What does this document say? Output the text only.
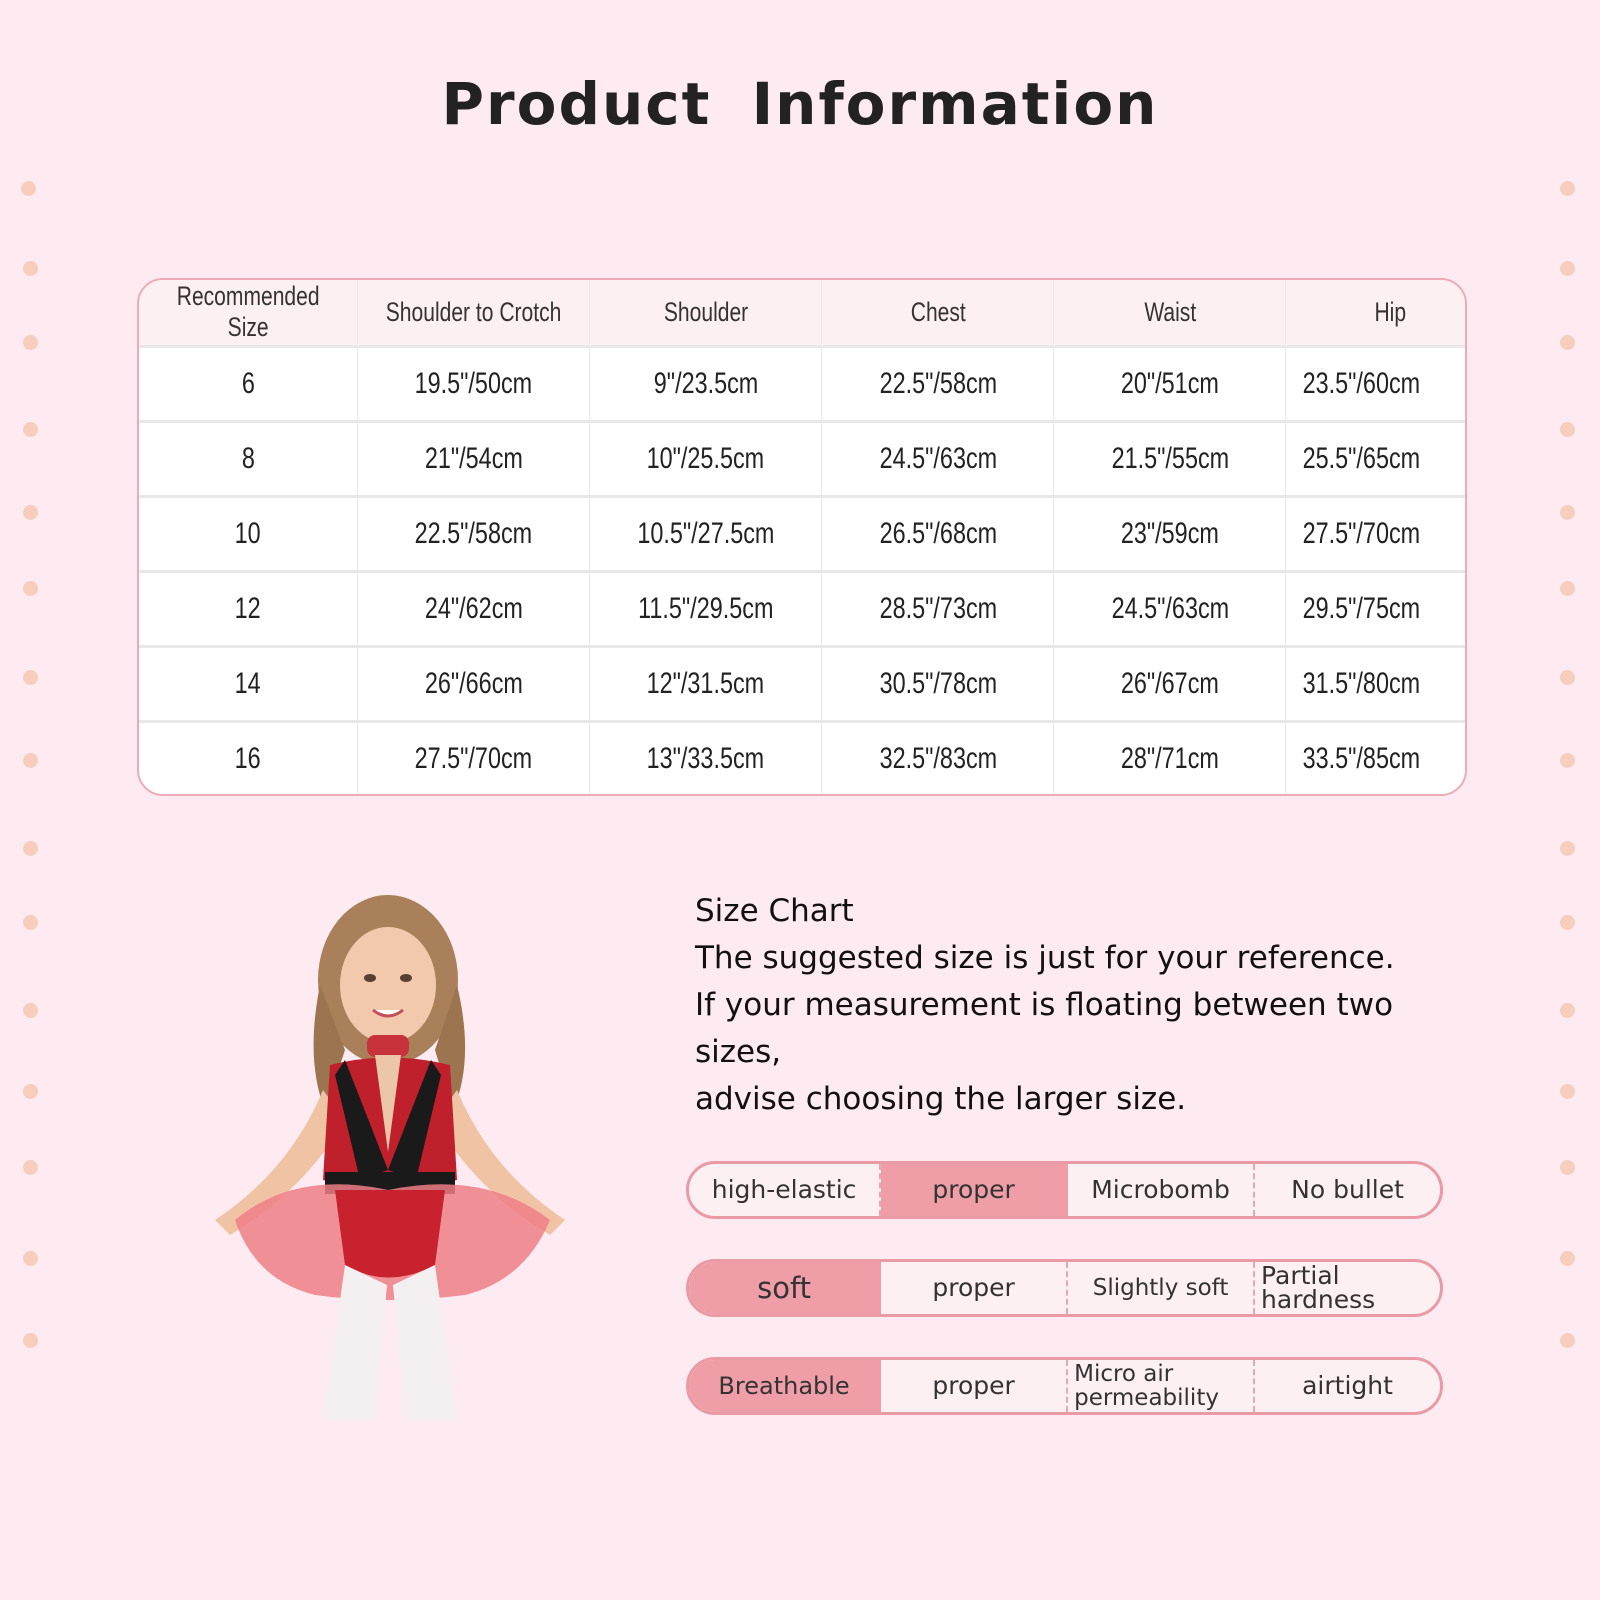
Product Information
Recommended Size	Shoulder to Crotch	Shoulder	Chest	Waist	Hip
6	19.5"/50cm	9"/23.5cm	22.5"/58cm	20"/51cm	23.5"/60cm
8	21"/54cm	10"/25.5cm	24.5"/63cm	21.5"/55cm	25.5"/65cm
10	22.5"/58cm	10.5"/27.5cm	26.5"/68cm	23"/59cm	27.5"/70cm
12	24"/62cm	11.5"/29.5cm	28.5"/73cm	24.5"/63cm	29.5"/75cm
14	26"/66cm	12"/31.5cm	30.5"/78cm	26"/67cm	31.5"/80cm
16	27.5"/70cm	13"/33.5cm	32.5"/83cm	28"/71cm	33.5"/85cm
Size Chart
The suggested size is just for your reference.
If your measurement is floating between two sizes,
advise choosing the larger size.
high-elastic	proper	Microbomb	No bullet
soft	proper	Slightly soft	Partial hardness
Breathable	proper	Micro air permeability	airtight
